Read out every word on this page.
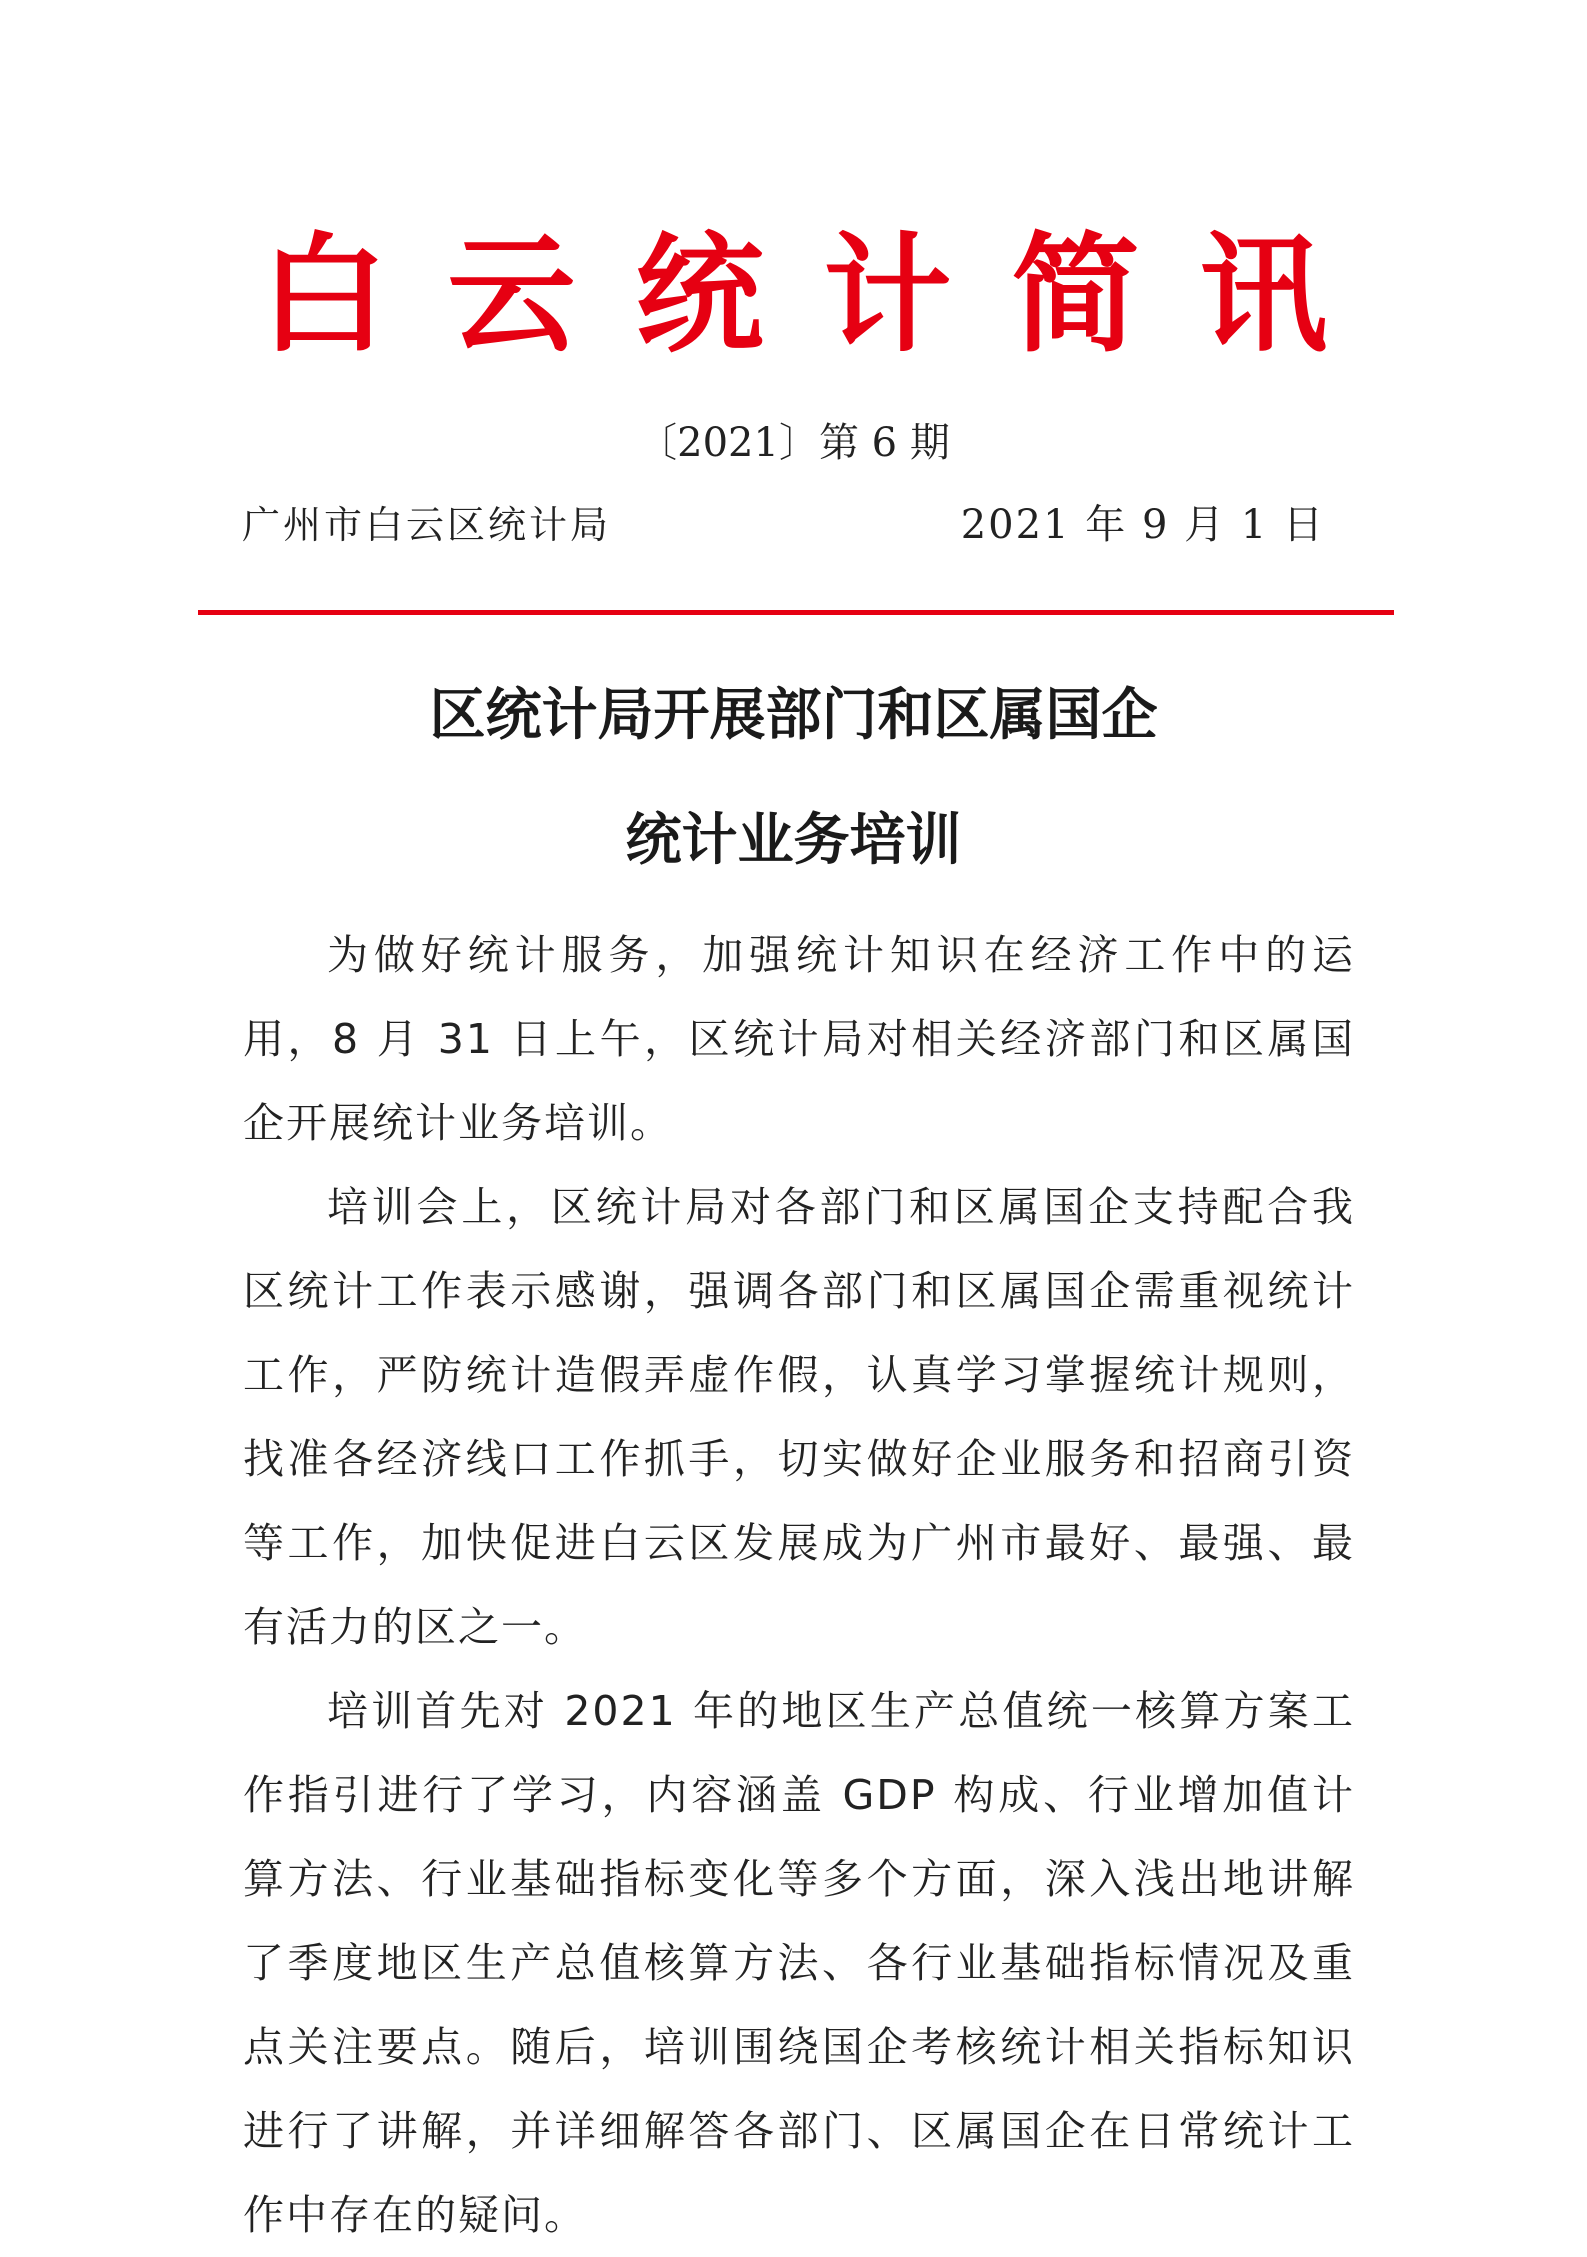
白云统计简讯
〔2021〕第 6 期
广州市白云区统计局	2021 年 9 月 1 日
区统计局开展部门和区属国企
统计业务培训

为做好统计服务，加强统计知识在经济工作中的运用，8 月 31 日上午，区统计局对相关经济部门和区属国企开展统计业务培训。

培训会上，区统计局对各部门和区属国企支持配合我区统计工作表示感谢，强调各部门和区属国企需重视统计工作，严防统计造假弄虚作假，认真学习掌握统计规则，找准各经济线口工作抓手，切实做好企业服务和招商引资等工作，加快促进白云区发展成为广州市最好、最强、最有活力的区之一。

培训首先对 2021 年的地区生产总值统一核算方案工作指引进行了学习，内容涵盖 GDP 构成、行业增加值计算方法、行业基础指标变化等多个方面，深入浅出地讲解了季度地区生产总值核算方法、各行业基础指标情况及重点关注要点。随后，培训围绕国企考核统计相关指标知识进行了讲解，并详细解答各部门、区属国企在日常统计工作中存在的疑问。
